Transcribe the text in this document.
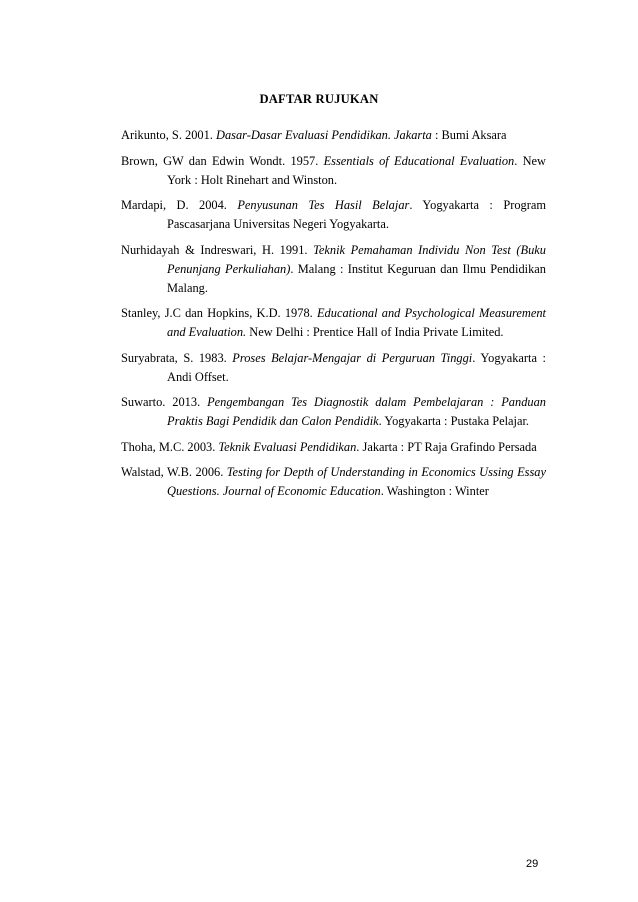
DAFTAR RUJUKAN
Arikunto, S. 2001. Dasar-Dasar Evaluasi Pendidikan. Jakarta : Bumi Aksara
Brown, GW dan Edwin Wondt. 1957. Essentials of Educational Evaluation. New York : Holt Rinehart and Winston.
Mardapi, D. 2004. Penyusunan Tes Hasil Belajar. Yogyakarta : Program Pascasarjana Universitas Negeri Yogyakarta.
Nurhidayah & Indreswari, H. 1991. Teknik Pemahaman Individu Non Test (Buku Penunjang Perkuliahan). Malang : Institut Keguruan dan Ilmu Pendidikan Malang.
Stanley, J.C dan Hopkins, K.D. 1978. Educational and Psychological Measurement and Evaluation. New Delhi : Prentice Hall of India Private Limited.
Suryabrata, S. 1983. Proses Belajar-Mengajar di Perguruan Tinggi. Yogyakarta : Andi Offset.
Suwarto. 2013. Pengembangan Tes Diagnostik dalam Pembelajaran : Panduan Praktis Bagi Pendidik dan Calon Pendidik. Yogyakarta : Pustaka Pelajar.
Thoha, M.C. 2003. Teknik Evaluasi Pendidikan. Jakarta : PT Raja Grafindo Persada
Walstad, W.B. 2006. Testing for Depth of Understanding in Economics Ussing Essay Questions. Journal of Economic Education. Washington : Winter
29
